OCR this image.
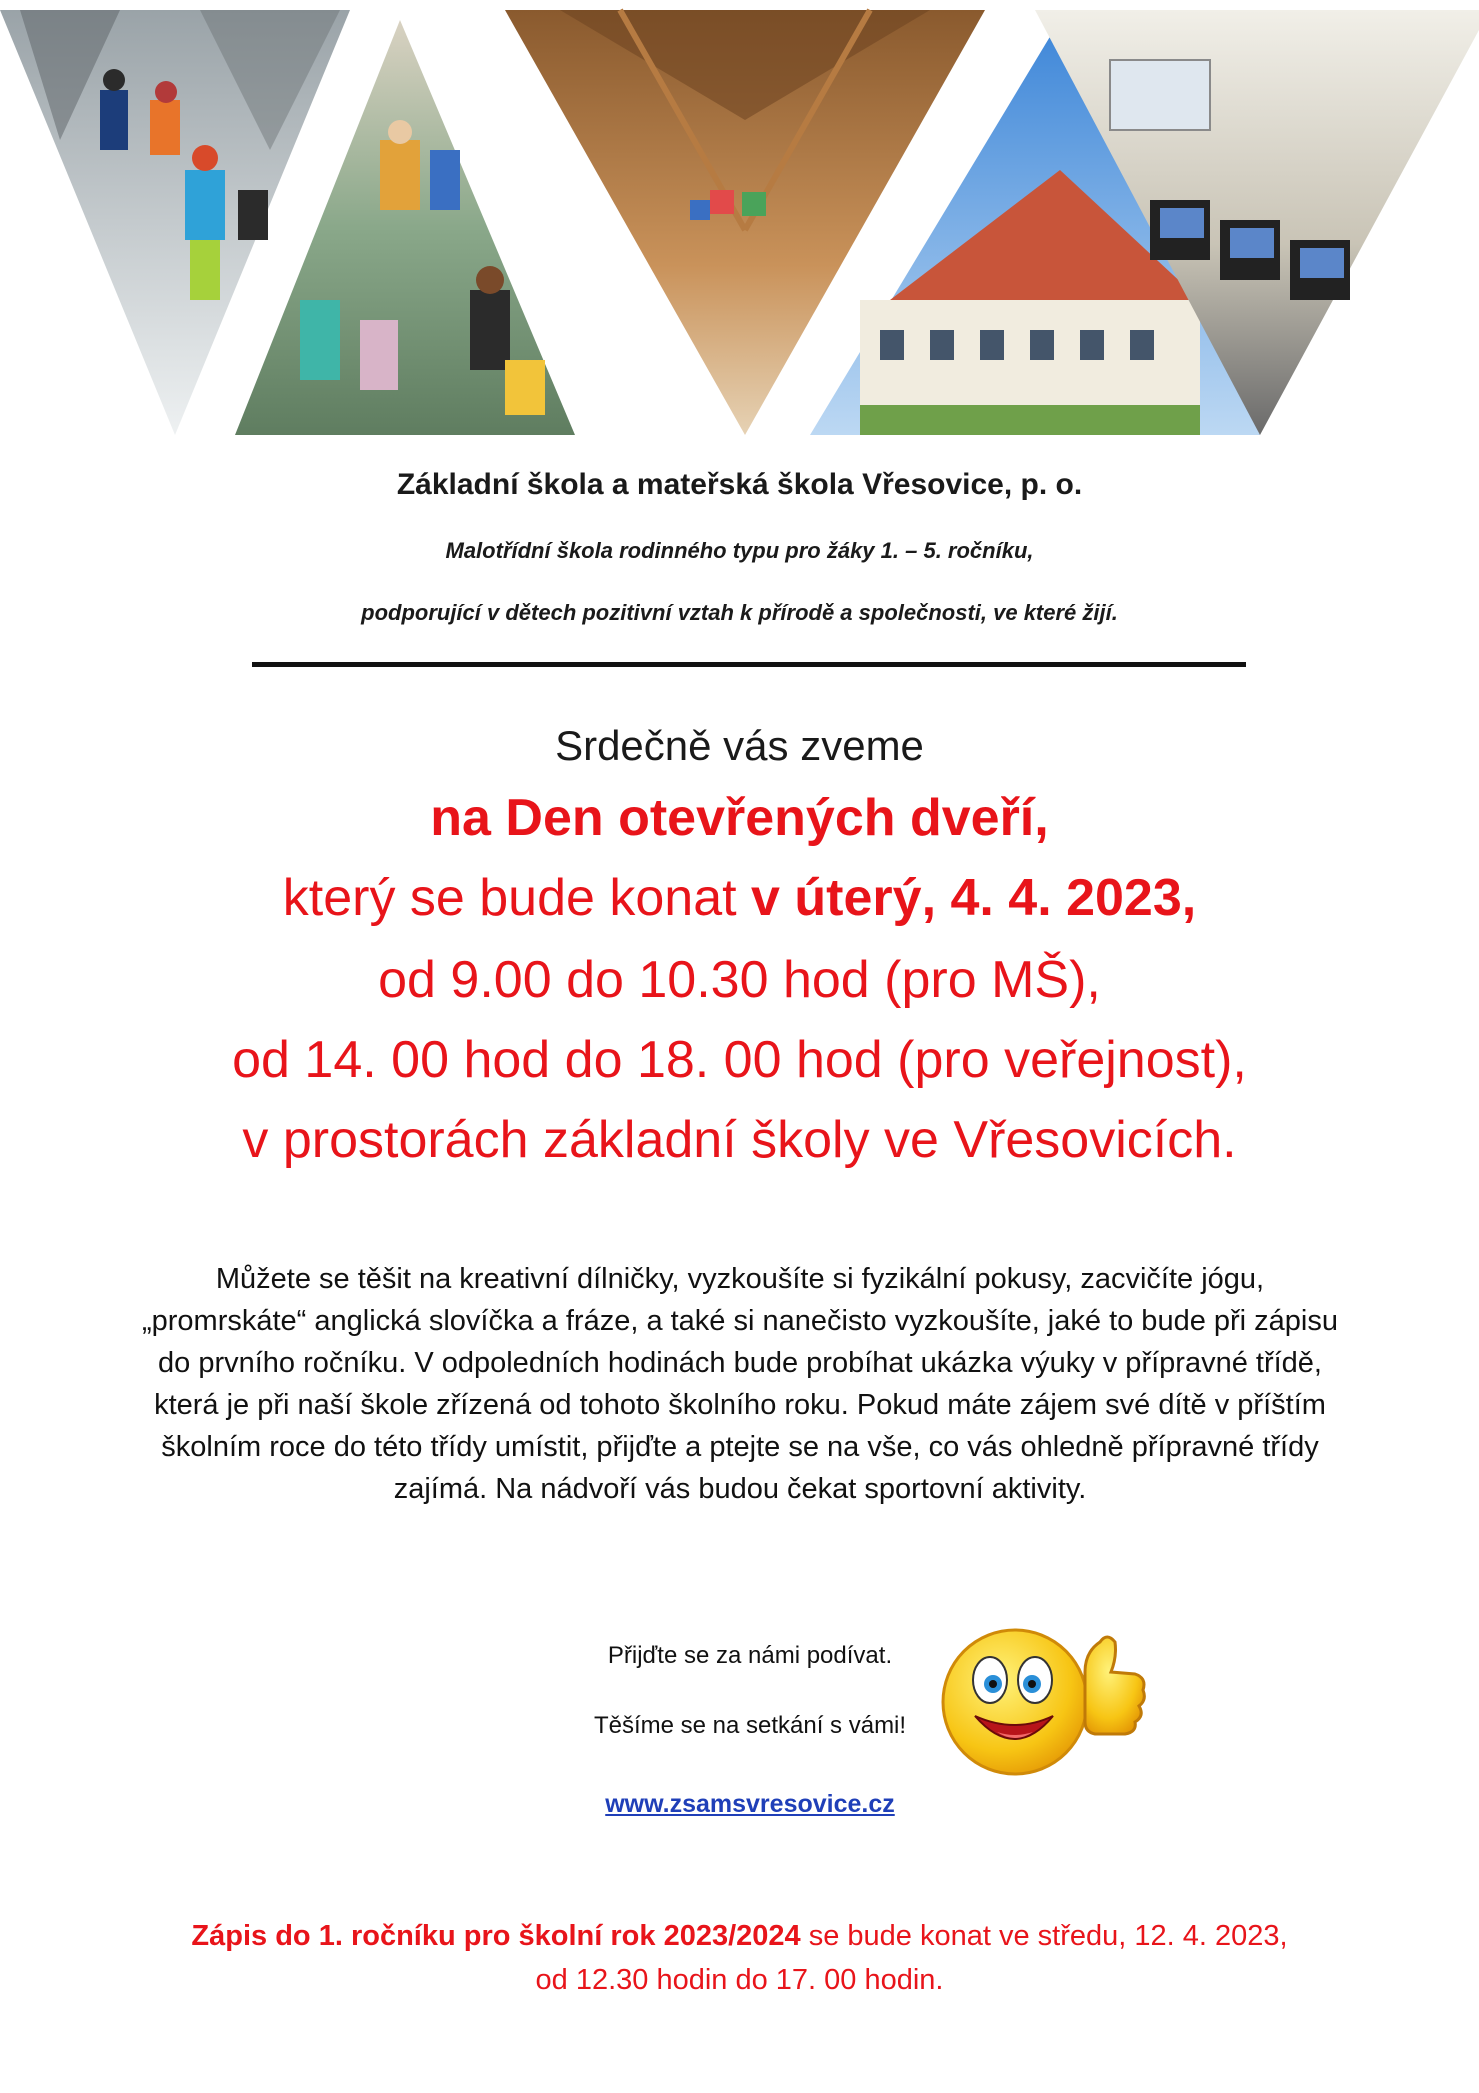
Základní škola a mateřská škola Vřesovice, p. o.
Malotřídní škola rodinného typu pro žáky 1. – 5. ročníku,
podporující v dětech pozitivní vztah k přírodě a společnosti, ve které žijí.
Srdečně vás zveme
na Den otevřených dveří,
který se bude konat v úterý, 4. 4. 2023,
od 9.00 do 10.30 hod (pro MŠ),
od 14. 00 hod do 18. 00 hod (pro veřejnost),
v prostorách základní školy ve Vřesovicích.
Můžete se těšit na kreativní dílničky, vyzkoušíte si fyzikální pokusy, zacvičíte jógu,
„promrskáte“ anglická slovíčka a fráze, a také si nanečisto vyzkoušíte, jaké to bude při zápisu
do prvního ročníku. V odpoledních hodinách bude probíhat ukázka výuky v přípravné třídě,
která je při naší škole zřízená od tohoto školního roku. Pokud máte zájem své dítě v příštím
školním roce do této třídy umístit, přijďte a ptejte se na vše, co vás ohledně přípravné třídy
zajímá. Na nádvoří vás budou čekat sportovní aktivity.
Přijďte se za námi podívat.
Těšíme se na setkání s vámi!
www.zsamsvresovice.cz
Zápis do 1. ročníku pro školní rok 2023/2024 se bude konat ve středu, 12. 4. 2023,
od 12.30 hodin do 17. 00 hodin.
